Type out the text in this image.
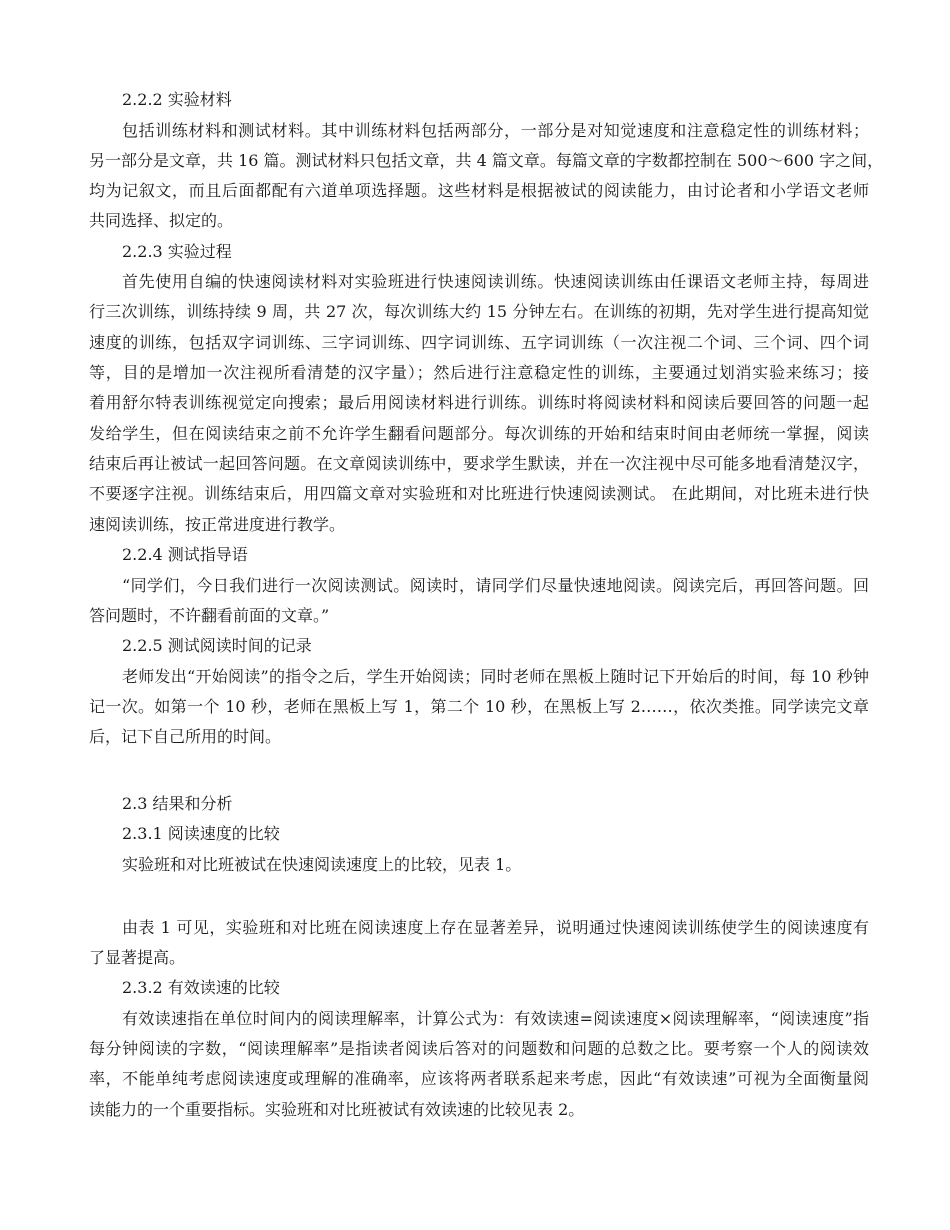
2.2.2 实验材料
包括训练材料和测试材料。其中训练材料包括两部分，一部分是对知觉速度和注意稳定性的训练材料；
另一部分是文章，共 16 篇。测试材料只包括文章，共 4 篇文章。每篇文章的字数都控制在 500～600 字之间，
均为记叙文，而且后面都配有六道单项选择题。这些材料是根据被试的阅读能力，由讨论者和小学语文老师
共同选择、拟定的。
2.2.3 实验过程
首先使用自编的快速阅读材料对实验班进行快速阅读训练。快速阅读训练由任课语文老师主持，每周进
行三次训练，训练持续 9 周，共 27 次，每次训练大约 15 分钟左右。在训练的初期，先对学生进行提高知觉
速度的训练，包括双字词训练、三字词训练、四字词训练、五字词训练（一次注视二个词、三个词、四个词
等，目的是增加一次注视所看清楚的汉字量）；然后进行注意稳定性的训练，主要通过划消实验来练习；接
着用舒尔特表训练视觉定向搜索；最后用阅读材料进行训练。训练时将阅读材料和阅读后要回答的问题一起
发给学生，但在阅读结束之前不允许学生翻看问题部分。每次训练的开始和结束时间由老师统一掌握，阅读
结束后再让被试一起回答问题。在文章阅读训练中，要求学生默读，并在一次注视中尽可能多地看清楚汉字，
不要逐字注视。训练结束后，用四篇文章对实验班和对比班进行快速阅读测试。 在此期间，对比班未进行快
速阅读训练，按正常进度进行教学。
2.2.4 测试指导语
“同学们，今日我们进行一次阅读测试。阅读时，请同学们尽量快速地阅读。阅读完后，再回答问题。回
答问题时，不许翻看前面的文章。”
2.2.5 测试阅读时间的记录
老师发出“开始阅读”的指令之后，学生开始阅读；同时老师在黑板上随时记下开始后的时间，每 10 秒钟
记一次。如第一个 10 秒，老师在黑板上写 1，第二个 10 秒，在黑板上写 2……，依次类推。同学读完文章
后，记下自己所用的时间。
2.3 结果和分析
2.3.1 阅读速度的比较
实验班和对比班被试在快速阅读速度上的比较，见表 1。
由表 1 可见，实验班和对比班在阅读速度上存在显著差异，说明通过快速阅读训练使学生的阅读速度有
了显著提高。
2.3.2 有效读速的比较
有效读速指在单位时间内的阅读理解率，计算公式为：有效读速=阅读速度×阅读理解率，“阅读速度”指
每分钟阅读的字数，“阅读理解率”是指读者阅读后答对的问题数和问题的总数之比。要考察一个人的阅读效
率，不能单纯考虑阅读速度或理解的准确率，应该将两者联系起来考虑，因此“有效读速”可视为全面衡量阅
读能力的一个重要指标。实验班和对比班被试有效读速的比较见表 2。
